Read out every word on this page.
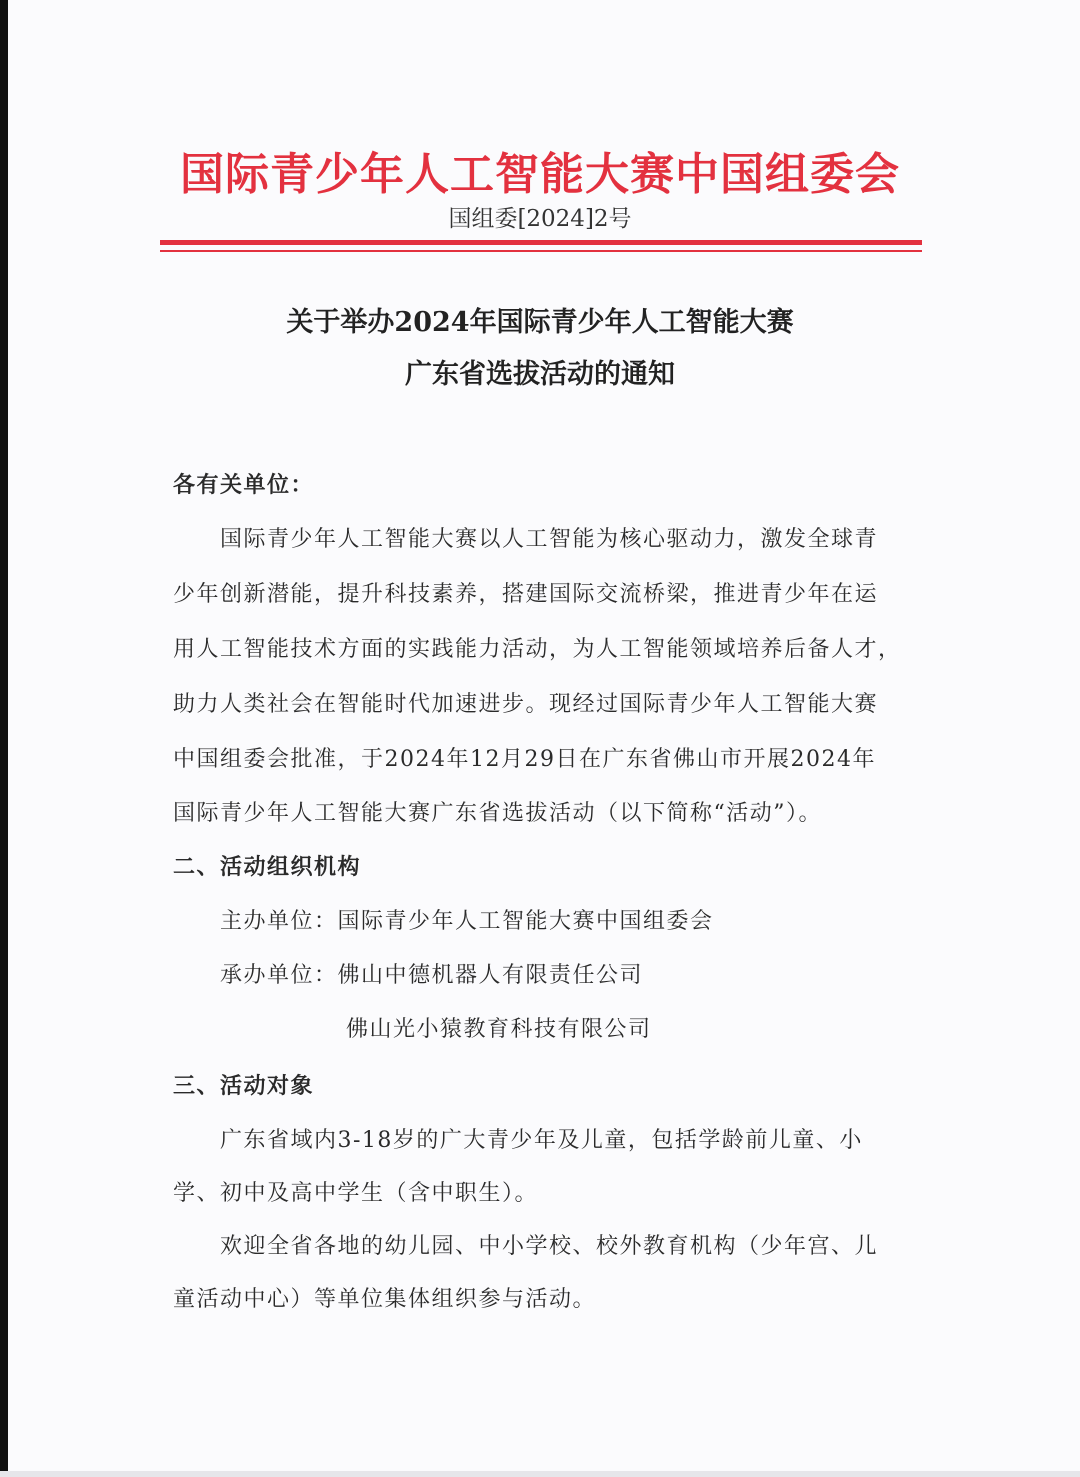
国际青少年人工智能大赛中国组委会
国组委[2024]2号
关于举办2024年国际青少年人工智能大赛
广东省选拔活动的通知
各有关单位：
国际青少年人工智能大赛以人工智能为核心驱动力，激发全球青
少年创新潜能，提升科技素养，搭建国际交流桥梁，推进青少年在运
用人工智能技术方面的实践能力活动，为人工智能领域培养后备人才，
助力人类社会在智能时代加速进步。现经过国际青少年人工智能大赛
中国组委会批准，于2024年12月29日在广东省佛山市开展2024年
国际青少年人工智能大赛广东省选拔活动（以下简称“活动”）。
二、活动组织机构
主办单位：国际青少年人工智能大赛中国组委会
承办单位：佛山中德机器人有限责任公司
佛山光小猿教育科技有限公司
三、活动对象
广东省域内3-18岁的广大青少年及儿童，包括学龄前儿童、小
学、初中及高中学生（含中职生）。
欢迎全省各地的幼儿园、中小学校、校外教育机构（少年宫、儿
童活动中心）等单位集体组织参与活动。
